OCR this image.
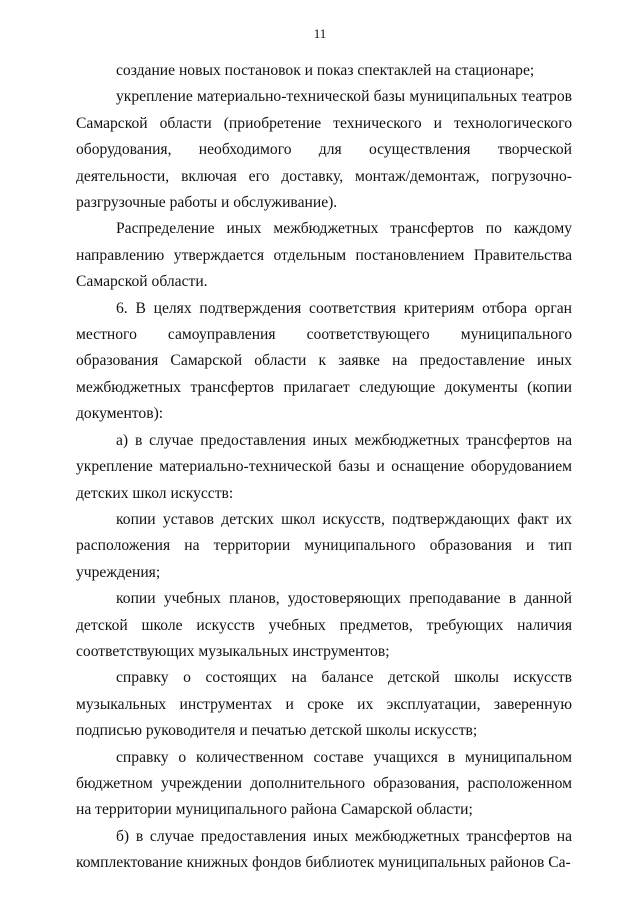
11

создание новых постановок и показ спектаклей на стационаре;

укрепление материально-технической базы муниципальных театров Самарской области (приобретение технического и технологического оборудования, необходимого для осуществления творческой деятельности, включая его доставку, монтаж/демонтаж, погрузочно-разгрузочные работы и обслуживание).

Распределение иных межбюджетных трансфертов по каждому направлению утверждается отдельным постановлением Правительства Самарской области.

6. В целях подтверждения соответствия критериям отбора орган местного самоуправления соответствующего муниципального образования Самарской области к заявке на предоставление иных межбюджетных трансфертов прилагает следующие документы (копии документов):

а) в случае предоставления иных межбюджетных трансфертов на укрепление материально-технической базы и оснащение оборудованием детских школ искусств:

копии уставов детских школ искусств, подтверждающих факт их расположения на территории муниципального образования и тип учреждения;

копии учебных планов, удостоверяющих преподавание в данной детской школе искусств учебных предметов, требующих наличия соответствующих музыкальных инструментов;

справку о состоящих на балансе детской школы искусств музыкальных инструментах и сроке их эксплуатации, заверенную подписью руководителя и печатью детской школы искусств;

справку о количественном составе учащихся в муниципальном бюджетном учреждении дополнительного образования, расположенном на территории муниципального района Самарской области;

б) в случае предоставления иных межбюджетных трансфертов на комплектование книжных фондов библиотек муниципальных районов Са-
